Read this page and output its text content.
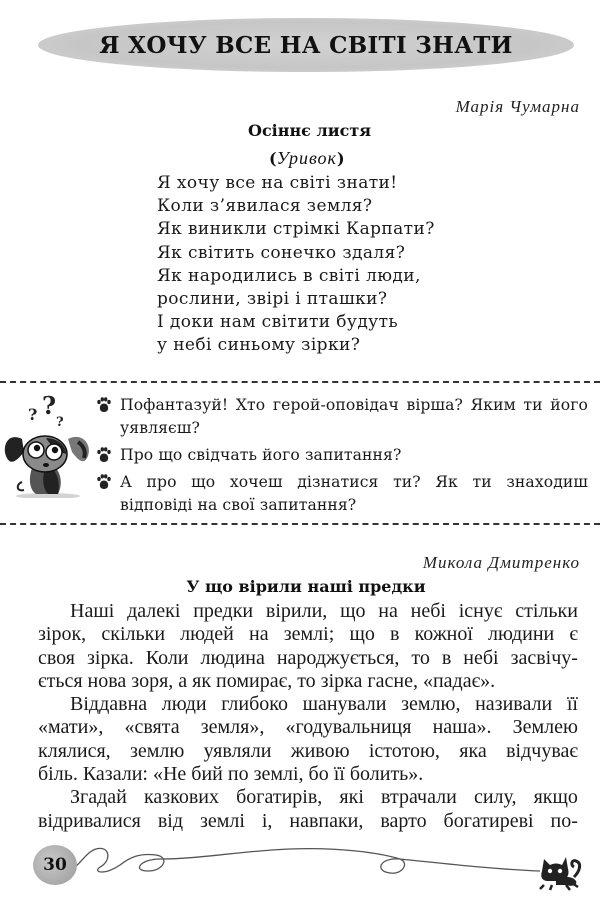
Я ХОЧУ ВСЕ НА СВІТІ ЗНАТИ
Марія Чумарна
Осіннє листя
(Уривок)
Я хочу все на світі знати!
Коли з’явилася земля?
Як виникли стрімкі Карпати?
Як світить сонечко здаля?
Як народились в світі люди,
рослини, звірі і пташки?
І доки нам світити будуть
у небі синьому зірки?
? ?
?
Пофантазуй! Хто герой-оповідач вірша? Яким ти його уявляєш?
Про що свідчать його запитання?
А про що хочеш дізнатися ти? Як ти знаходиш відповіді на свої запитання?
Микола Дмитренко
У що вірили наші предки
Наші далекі предки вірили, що на небі існує стільки
зірок, скільки людей на землі; що в кожної людини є
своя зірка. Коли людина народжується, то в небі засвічу-
ється нова зоря, а як помирає, то зірка гасне, «падає».
Віддавна люди глибоко шанували землю, називали її
«мати», «свята земля», «годувальниця наша». Землею
клялися, землю уявляли живою істотою, яка відчуває
біль. Казали: «Не бий по землі, бо її болить».
Згадай казкових богатирів, які втрачали силу, якщо
відривалися від землі і, навпаки, варто богатиреві по-
30
